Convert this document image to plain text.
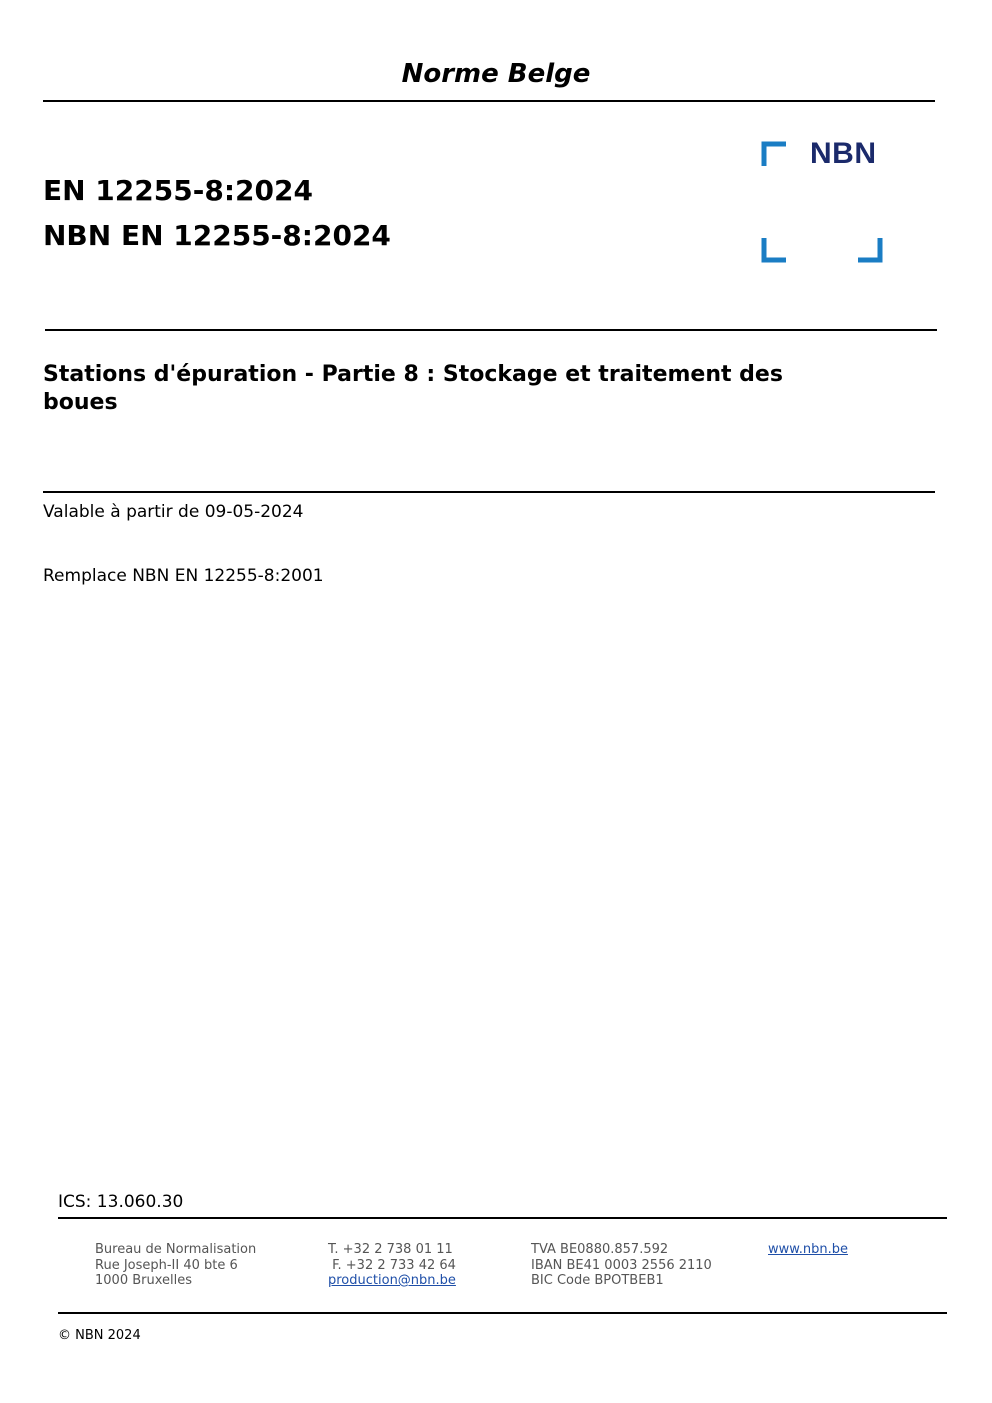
Norme Belge
EN 12255-8:2024
NBN EN 12255-8:2024
NBN
Stations d'épuration - Partie 8 : Stockage et traitement des boues
Valable à partir de 09-05-2024
Remplace NBN EN 12255-8:2001
ICS: 13.060.30
Bureau de Normalisation
Rue Joseph-II 40 bte 6
1000 Bruxelles
T. +32 2 738 01 11
F. +32 2 733 42 64
production@nbn.be
TVA BE0880.857.592
IBAN BE41 0003 2556 2110
BIC Code BPOTBEB1
www.nbn.be
© NBN 2024
